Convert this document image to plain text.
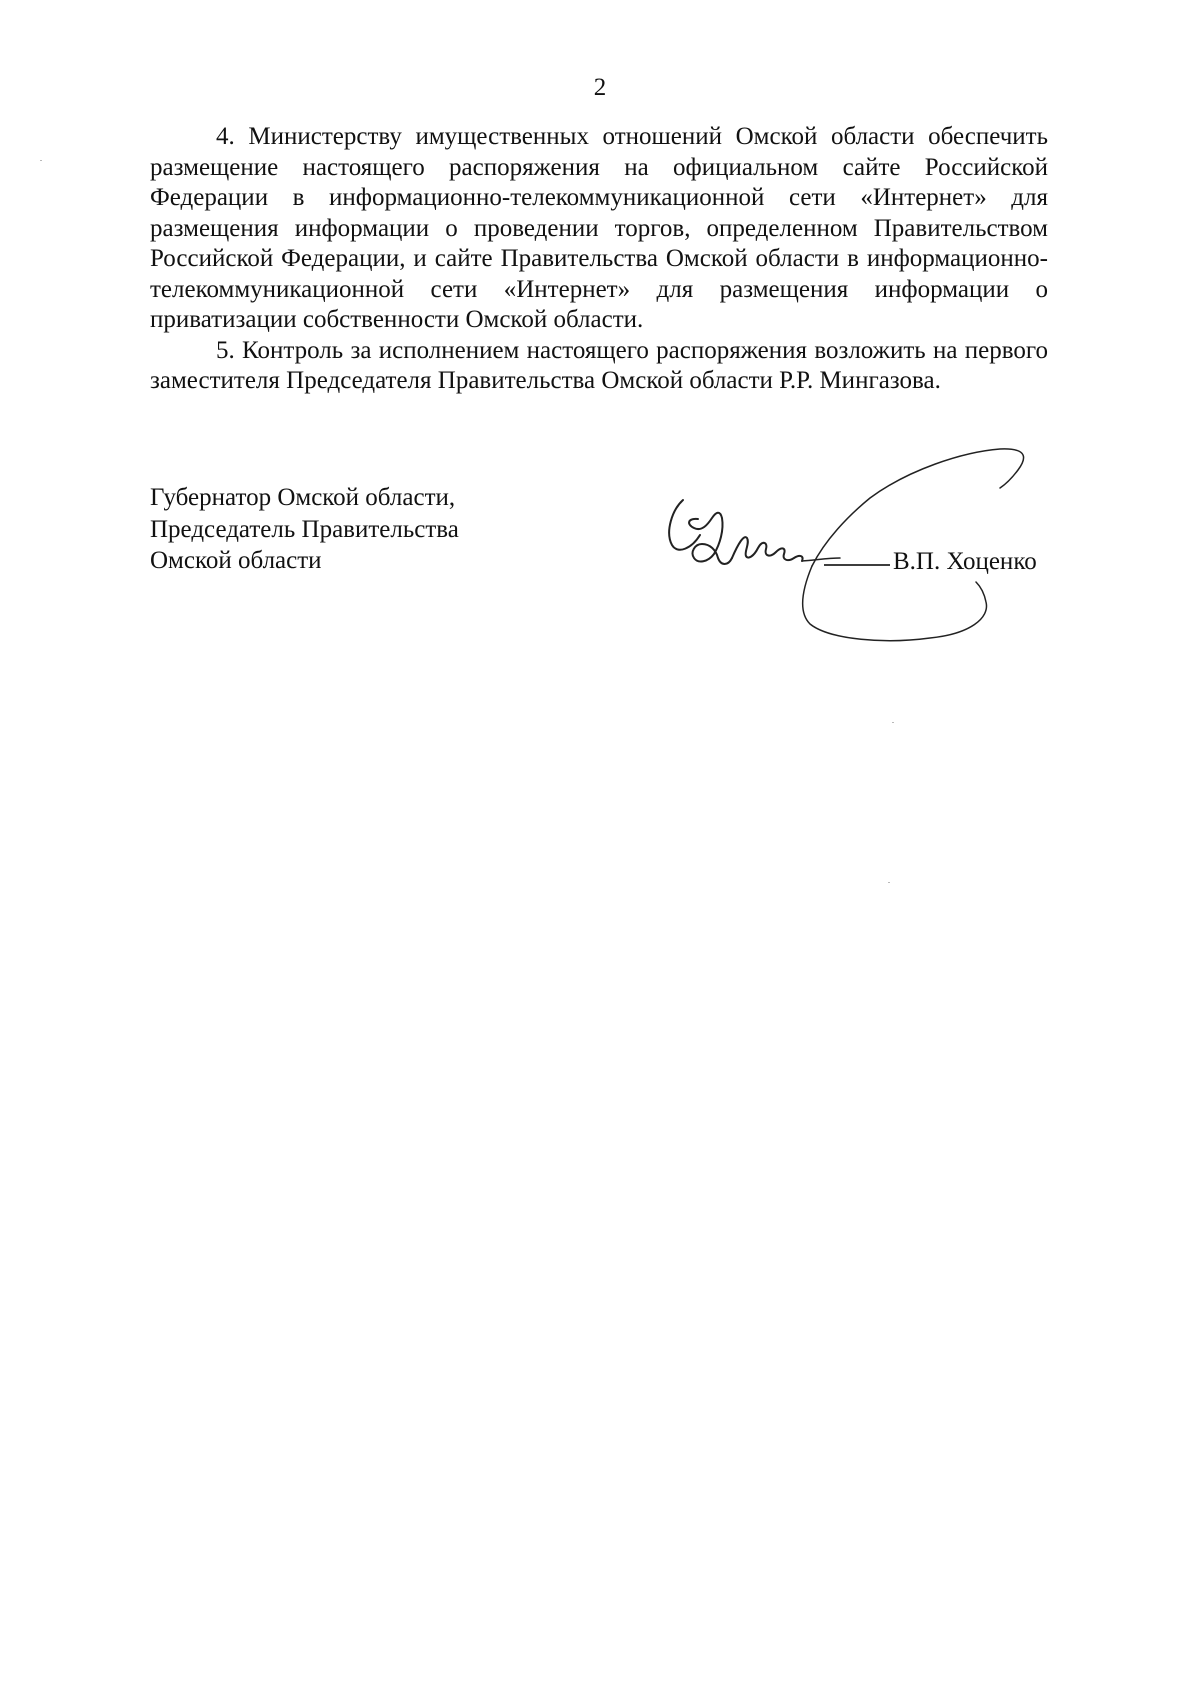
2

4. Министерству имущественных отношений Омской области обеспечить размещение настоящего распоряжения на официальном сайте Российской Федерации в информационно-телекоммуникационной сети «Интернет» для размещения информации о проведении торгов, определенном Правительством Российской Федерации, и сайте Правительства Омской области в информационно-телекоммуникационной сети «Интернет» для размещения информации о приватизации собственности Омской области.

5. Контроль за исполнением настоящего распоряжения возложить на первого заместителя Председателя Правительства Омской области Р.Р. Мингазова.

Губернатор Омской области,
Председатель Правительства
Омской области	В.П. Хоценко
